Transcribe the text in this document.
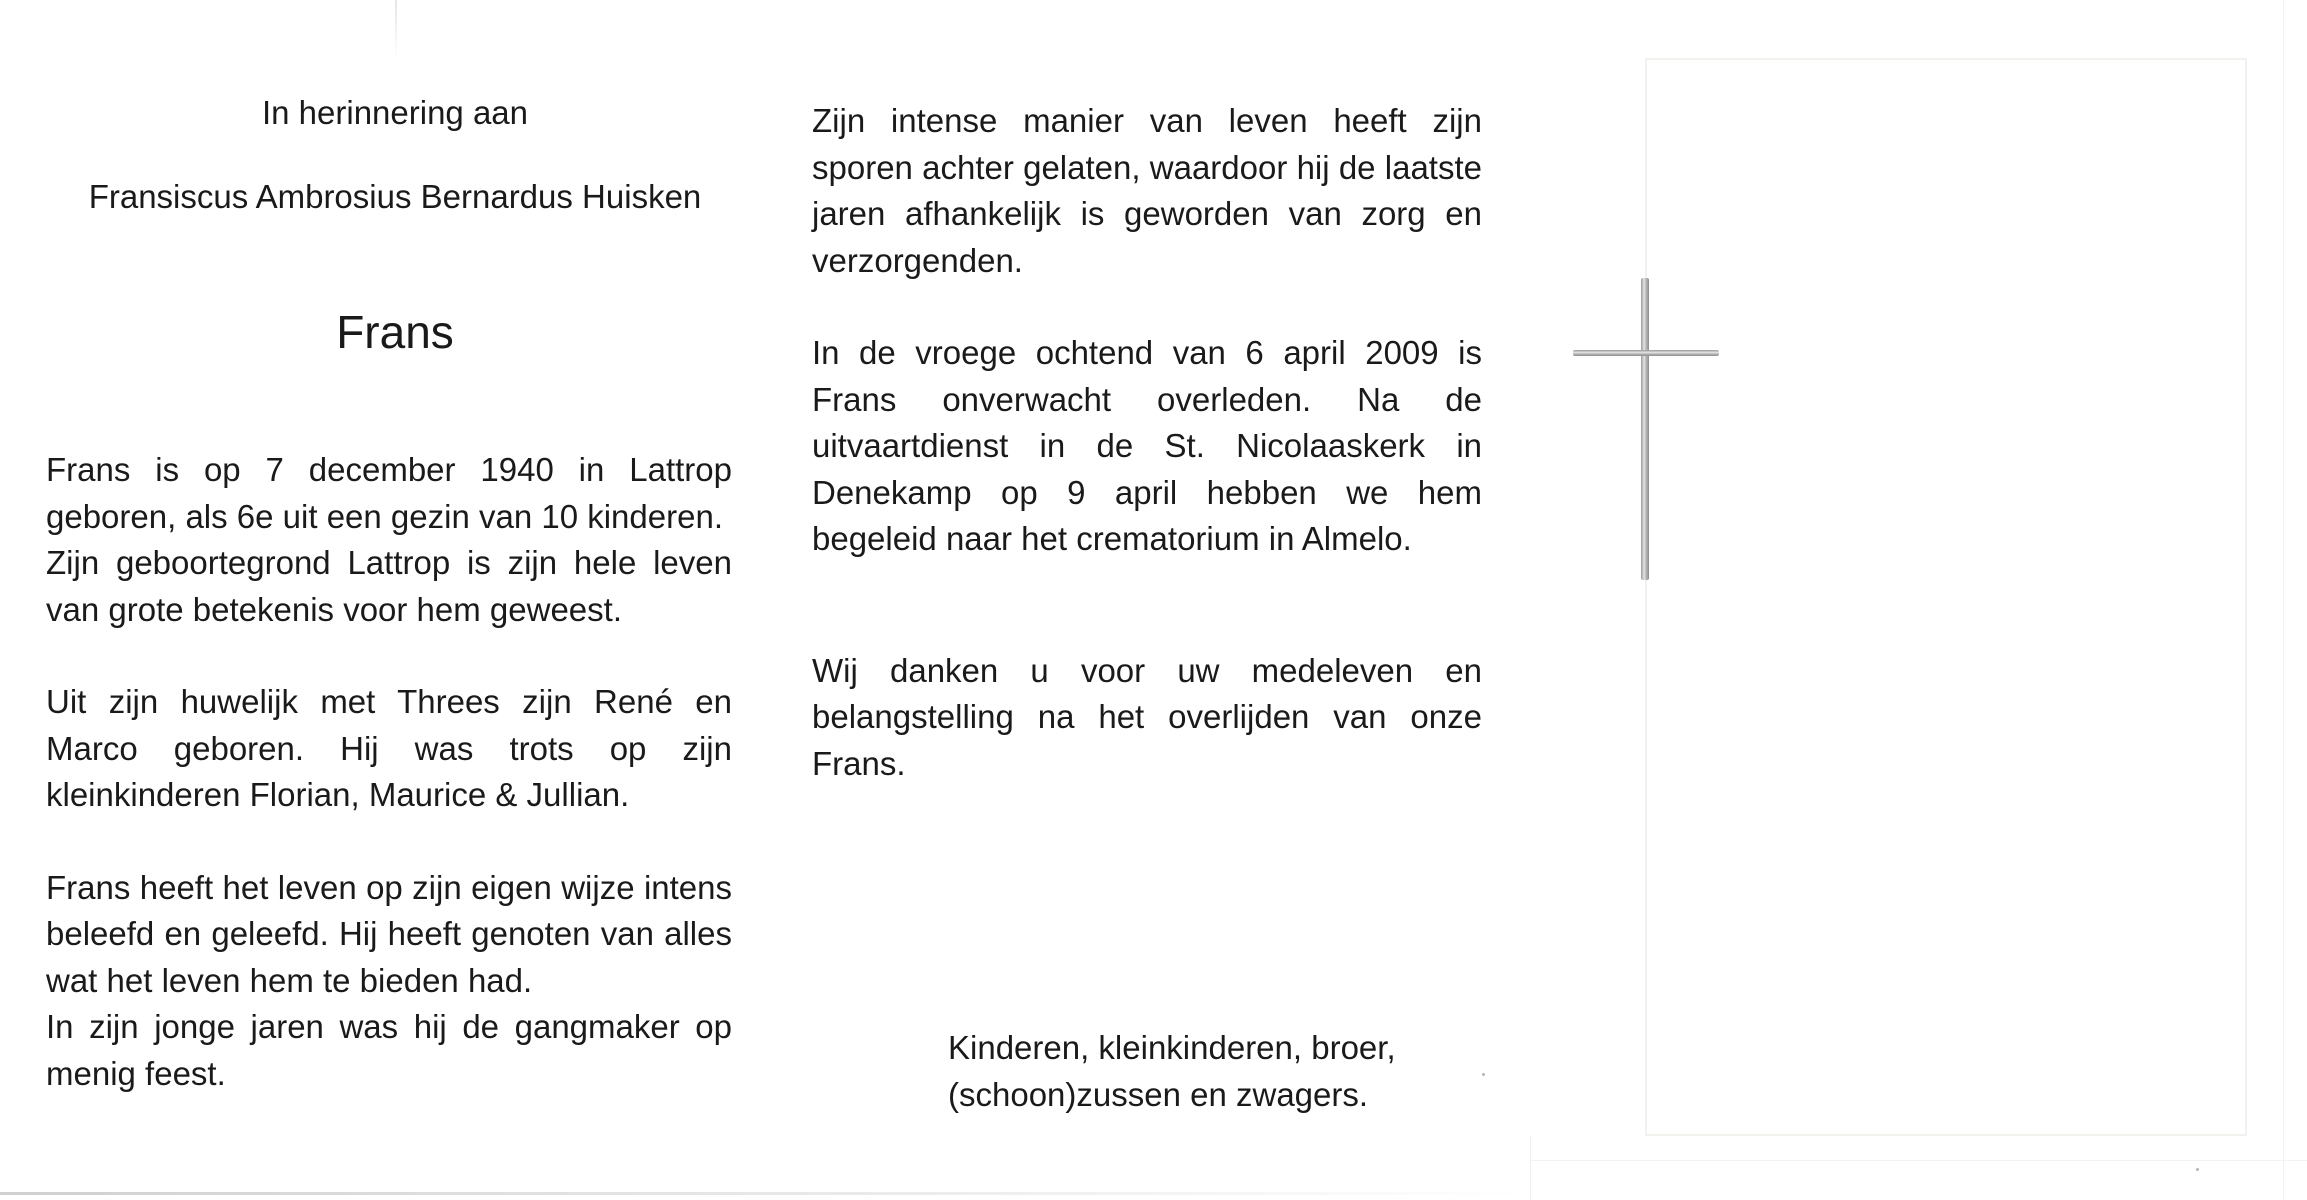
In herinnering aan
Fransiscus Ambrosius Bernardus Huisken
Frans

Frans is op 7 december 1940 in Lattrop geboren, als 6e uit een gezin van 10 kinderen.

Zijn geboortegrond Lattrop is zijn hele leven van grote betekenis voor hem geweest.

Uit zijn huwelijk met Threes zijn René en Marco geboren. Hij was trots op zijn kleinkinderen Florian, Maurice & Jullian.

Frans heeft het leven op zijn eigen wijze intens beleefd en geleefd. Hij heeft genoten van alles wat het leven hem te bieden had.

In zijn jonge jaren was hij de gangmaker op menig feest.

Zijn intense manier van leven heeft zijn sporen achter gelaten, waardoor hij de laatste jaren afhankelijk is geworden van zorg en verzorgenden.

In de vroege ochtend van 6 april 2009 is Frans onverwacht overleden. Na de uitvaartdienst in de St. Nicolaaskerk in Denekamp op 9 april hebben we hem begeleid naar het crematorium in Almelo.

Wij danken u voor uw medeleven en belangstelling na het overlijden van onze Frans.

Kinderen, kleinkinderen, broer,

(schoon)zussen en zwagers.
